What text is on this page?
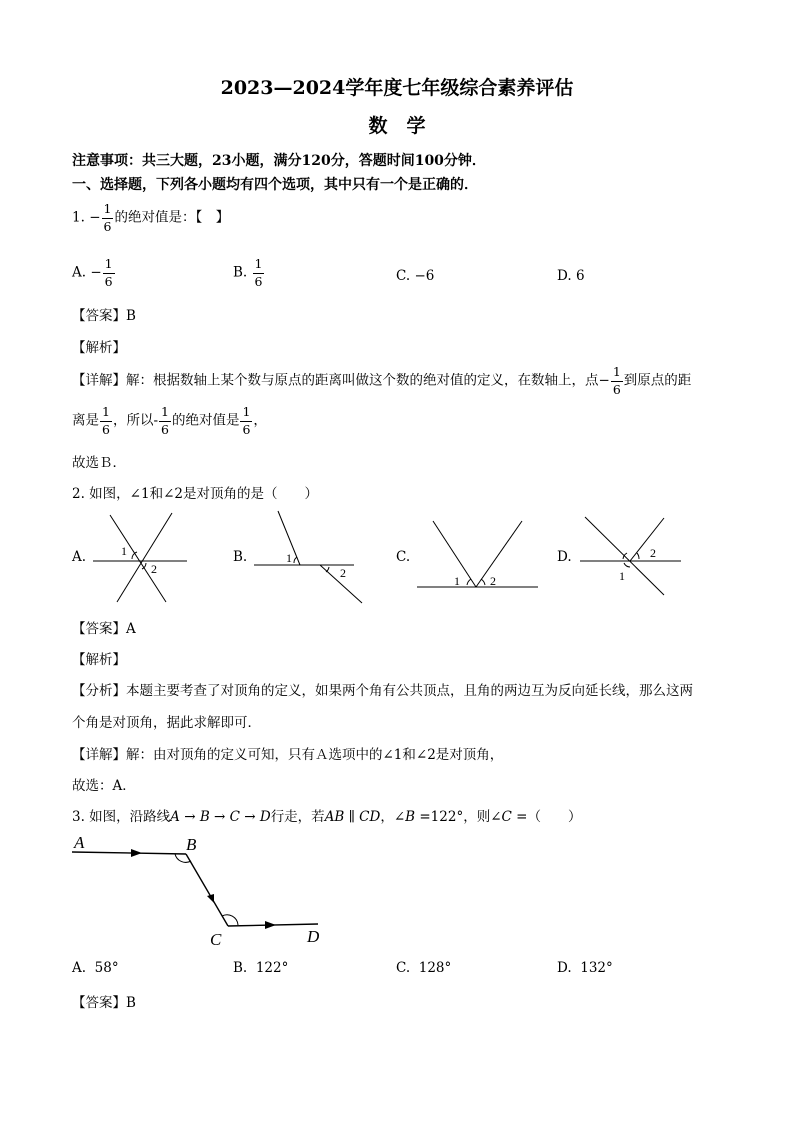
2023—2024学年度七年级综合素养评估
数　学
注意事项：共三大题，23小题，满分120分，答题时间100分钟．
一、选择题，下列各小题均有四个选项，其中只有一个是正确的．
1. − $\frac{1}{6}$ 的绝对值是：【　】
A. − $\frac{1}{6}$	B. $\frac{1}{6}$	C. −6	D. 6
【答案】B
【解析】
【详解】解：根据数轴上某个数与原点的距离叫做这个数的绝对值的定义，在数轴上，点− $\frac{1}{6}$ 到原点的距
离是 $\frac{1}{6}$ ，所以- $\frac{1}{6}$ 的绝对值是 $\frac{1}{6}$ ，
故选Ｂ．
2. 如图，∠1和∠2是对顶角的是（　　）
A.	B.	C.	D.
1
2
1
2
1	2	1
2
【答案】A
【解析】
【分析】本题主要考查了对顶角的定义，如果两个角有公共顶点，且角的两边互为反向延长线，那么这两
个角是对顶角，据此求解即可．
【详解】解：由对顶角的定义可知，只有Ａ选项中的∠1和∠2是对顶角，
故选：A．
3. 如图，沿路线A → B → C → D行走，若AB ∥ CD，∠B =122°，则∠C =（　　）
A	B
C	D
A. 58°	B. 122°	C. 128°	D. 132°
【答案】B
